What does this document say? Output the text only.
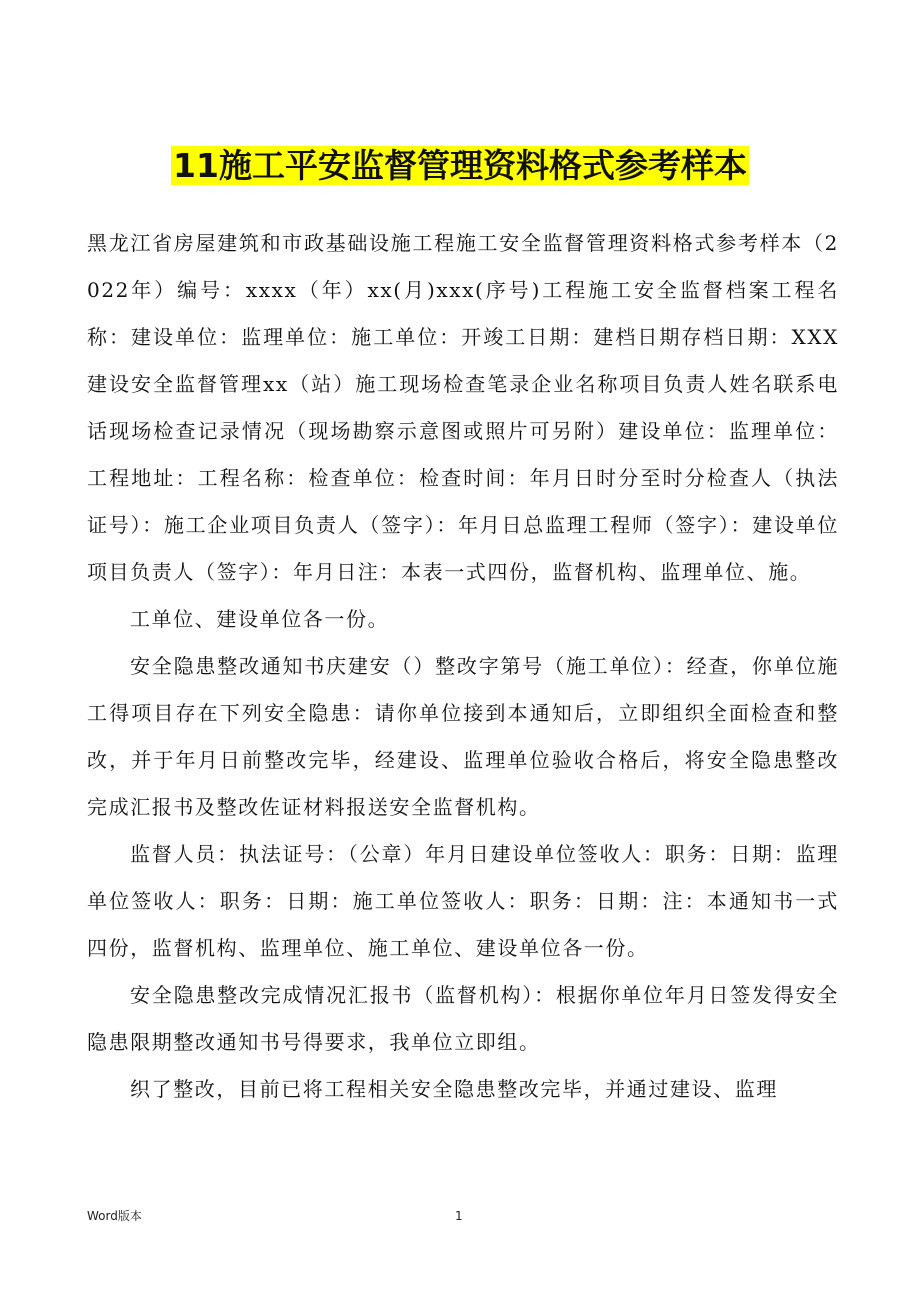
11施工平安监督管理资料格式参考样本

黑龙江省房屋建筑和市政基础设施工程施工安全监督管理资料格式参考样本（2022年）编号：xxxx（年）xx(月)xxx(序号)工程施工安全监督档案工程名称：建设单位：监理单位：施工单位：开竣工日期：建档日期存档日期：XXX建设安全监督管理xx（站）施工现场检查笔录企业名称项目负责人姓名联系电话现场检查记录情况（现场勘察示意图或照片可另附）建设单位：监理单位：工程地址：工程名称：检查单位：检查时间：年月日时分至时分检查人（执法证号）：施工企业项目负责人（签字）：年月日总监理工程师（签字）：建设单位项目负责人（签字）：年月日注：本表一式四份，监督机构、监理单位、施。

工单位、建设单位各一份。

安全隐患整改通知书庆建安（）整改字第号（施工单位）：经查，你单位施工得项目存在下列安全隐患：请你单位接到本通知后，立即组织全面检查和整改，并于年月日前整改完毕，经建设、监理单位验收合格后，将安全隐患整改完成汇报书及整改佐证材料报送安全监督机构。

监督人员：执法证号：（公章）年月日建设单位签收人：职务：日期：监理单位签收人：职务：日期：施工单位签收人：职务：日期：注：本通知书一式四份，监督机构、监理单位、施工单位、建设单位各一份。

安全隐患整改完成情况汇报书（监督机构）：根据你单位年月日签发得安全隐患限期整改通知书号得要求，我单位立即组。

织了整改，目前已将工程相关安全隐患整改完毕，并通过建设、监理

Word版本	1
